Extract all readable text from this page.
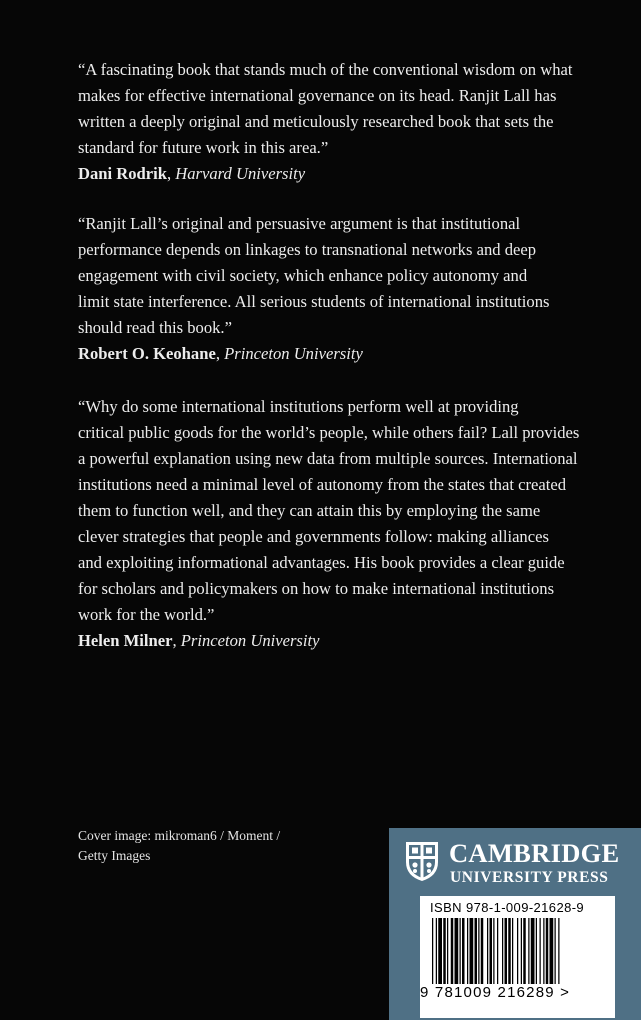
“A fascinating book that stands much of the conventional wisdom on what
makes for effective international governance on its head. Ranjit Lall has
written a deeply original and meticulously researched book that sets the
standard for future work in this area.”
Dani Rodrik, Harvard University
“Ranjit Lall’s original and persuasive argument is that institutional
performance depends on linkages to transnational networks and deep
engagement with civil society, which enhance policy autonomy and
limit state interference. All serious students of international institutions
should read this book.”
Robert O. Keohane, Princeton University
“Why do some international institutions perform well at providing
critical public goods for the world’s people, while others fail? Lall provides
a powerful explanation using new data from multiple sources. International
institutions need a minimal level of autonomy from the states that created
them to function well, and they can attain this by employing the same
clever strategies that people and governments follow: making alliances
and exploiting informational advantages. His book provides a clear guide
for scholars and policymakers on how to make international institutions
work for the world.”
Helen Milner, Princeton University
Cover image: mikroman6 / Moment /
Getty Images	CAMBRIDGE
UNIVERSITY PRESS
ISBN 978-1-009-21628-9
9 781009 216289 >
